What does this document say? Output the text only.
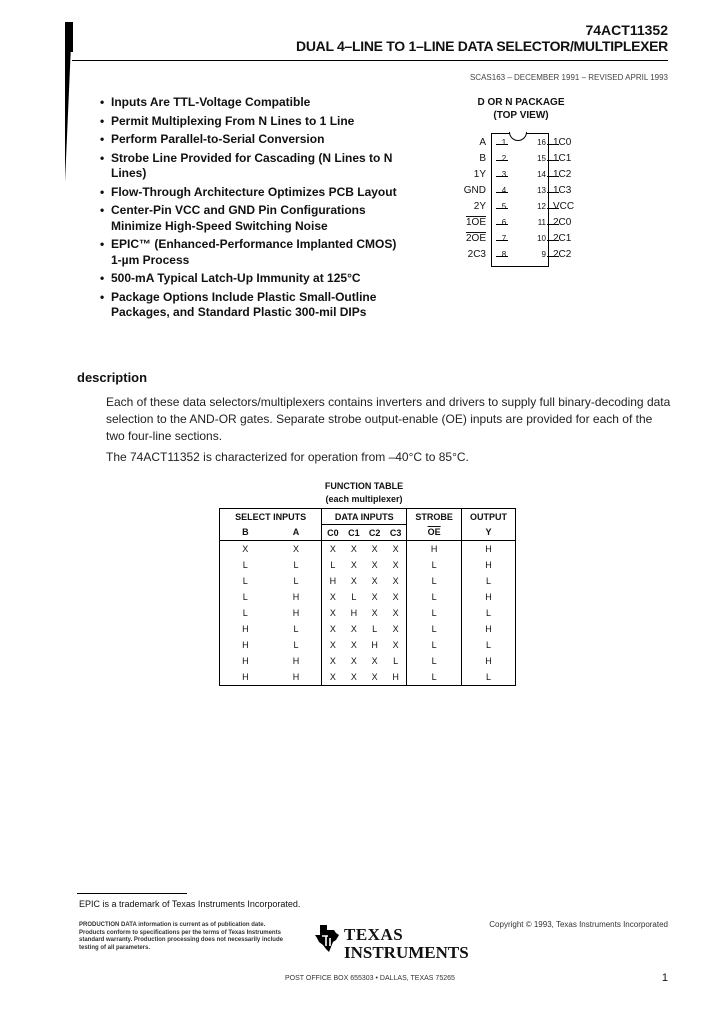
74ACT11352
DUAL 4–LINE TO 1–LINE DATA SELECTOR/MULTIPLEXER
SCAS163 – DECEMBER 1991 – REVISED APRIL 1993
• Inputs Are TTL-Voltage Compatible
• Permit Multiplexing From N Lines to 1 Line
• Perform Parallel-to-Serial Conversion
• Strobe Line Provided for Cascading (N Lines to N Lines)
• Flow-Through Architecture Optimizes PCB Layout
• Center-Pin VCC and GND Pin Configurations Minimize High-Speed Switching Noise
• EPIC™ (Enhanced-Performance Implanted CMOS) 1-µm Process
• 500-mA Typical Latch-Up Immunity at 125°C
• Package Options Include Plastic Small-Outline Packages, and Standard Plastic 300-mil DIPs
D OR N PACKAGE
(TOP VIEW)
A	1	16 1C0
B	2	15 1C1
1Y	3	14 1C2
GND	4	13 1C3
2Y	5	12 VCC
1OE	6	11 2C0
2OE	7	10 2C1
2C3	8	9 2C2
description
Each of these data selectors/multiplexers contains inverters and drivers to supply full binary-decoding data selection to the AND-OR gates. Separate strobe output-enable (OE) inputs are provided for each of the two four-line sections.
The 74ACT11352 is characterized for operation from –40°C to 85°C.
FUNCTION TABLE
(each multiplexer)
SELECT INPUTS		DATA INPUTS				STROBE	OUTPUT
B	A	C0	C1	C2	C3	$\overline{OE}$	Y
X	X	X	X	X	X	H	H
L	L	L	X	X	X	L	H
L	L	H	X	X	X	L	L
L	H	X	L	X	X	L	H
L	H	X	H	X	X	L	L
H	L	X	X	L	X	L	H
H	L	X	X	H	X	L	L
H	H	X	X	X	L	L	H
H	H	X	X	X	H	L	L
EPIC is a trademark of Texas Instruments Incorporated.
PRODUCTION DATA information is current as of publication date. Products conform to specifications per the terms of Texas Instruments standard warranty. Production processing does not necessarily include testing of all parameters.
Copyright © 1993, Texas Instruments Incorporated
TEXAS
INSTRUMENTS
POST OFFICE BOX 655303 • DALLAS, TEXAS 75265	1
